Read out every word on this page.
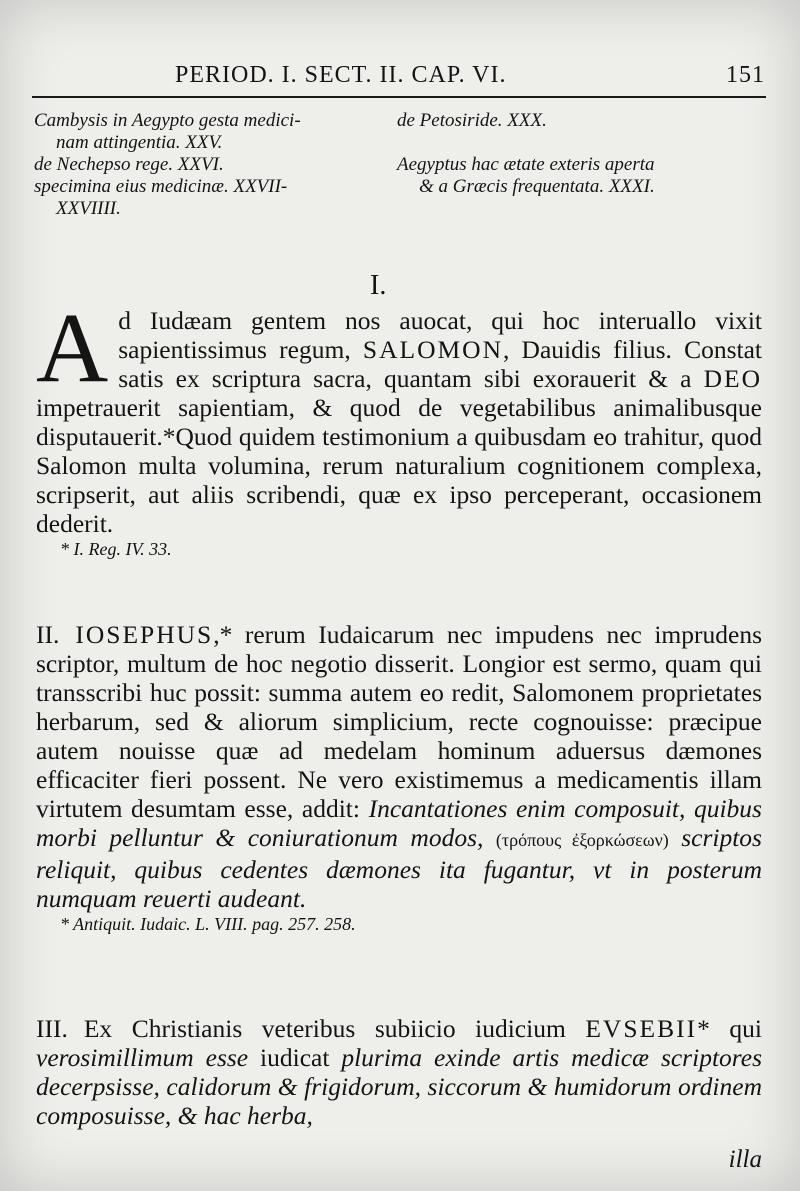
PERIOD. I. SECT. II. CAP. VI.	151

Cambysis in Aegypto gesta medici-

nam attingentia. XXV.

de Nechepso rege. XXVI.

specimina eius medicinæ. XXVII-

XXVIIII.

de Petosiride. XXX.

Aegyptus hac ætate exteris aperta

& a Græcis frequentata. XXXI.

I.

Ad Iudæam gentem nos auocat, qui hoc interuallo vixit sapientissimus regum, SALOMON, Dauidis filius. Constat satis ex scriptura sacra, quantam sibi exorauerit & a DEO impetrauerit sapientiam, & quod de vegetabilibus animalibusque disputauerit.*Quod quidem testimonium a quibusdam eo trahitur, quod Salomon multa volumina, rerum naturalium cognitionem complexa, scripserit, aut aliis scribendi, quæ ex ipso perceperant, occasionem dederit.

* I. Reg. IV. 33.

II. IOSEPHUS,* rerum Iudaicarum nec impudens nec imprudens scriptor, multum de hoc negotio disserit. Longior est sermo, quam qui transscribi huc possit: summa autem eo redit, Salomonem proprietates herbarum, sed & aliorum simplicium, recte cognouisse: præcipue autem nouisse quæ ad medelam hominum aduersus dæmones efficaciter fieri possent. Ne vero existimemus a medicamentis illam virtutem desumtam esse, addit: Incantationes enim composuit, quibus morbi pelluntur & coniurationum modos, (τρόπους ἐξορκώσεων) scriptos reliquit, quibus cedentes dæmones ita fugantur, vt in posterum numquam reuerti audeant.

* Antiquit. Iudaic. L. VIII. pag. 257. 258.

III. Ex Christianis veteribus subiicio iudicium EVSEBII* qui verosimillimum esse iudicat plurima exinde artis medicæ scriptores decerpsisse, calidorum & frigidorum, siccorum & humidorum ordinem composuisse, & hac herba,

illa
